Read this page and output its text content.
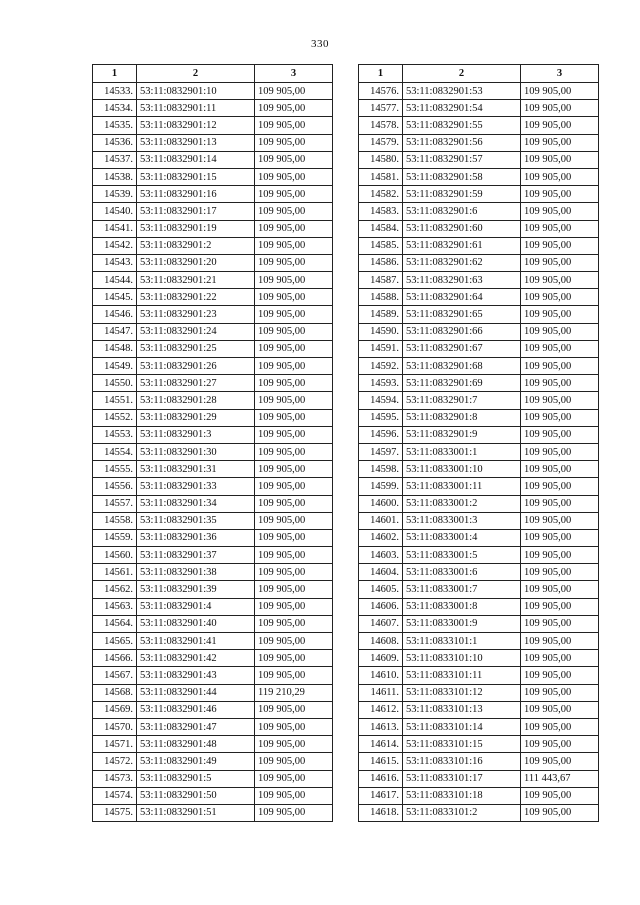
330
1	2	3
14533.	53:11:0832901:10	109 905,00
14534.	53:11:0832901:11	109 905,00
14535.	53:11:0832901:12	109 905,00
14536.	53:11:0832901:13	109 905,00
14537.	53:11:0832901:14	109 905,00
14538.	53:11:0832901:15	109 905,00
14539.	53:11:0832901:16	109 905,00
14540.	53:11:0832901:17	109 905,00
14541.	53:11:0832901:19	109 905,00
14542.	53:11:0832901:2	109 905,00
14543.	53:11:0832901:20	109 905,00
14544.	53:11:0832901:21	109 905,00
14545.	53:11:0832901:22	109 905,00
14546.	53:11:0832901:23	109 905,00
14547.	53:11:0832901:24	109 905,00
14548.	53:11:0832901:25	109 905,00
14549.	53:11:0832901:26	109 905,00
14550.	53:11:0832901:27	109 905,00
14551.	53:11:0832901:28	109 905,00
14552.	53:11:0832901:29	109 905,00
14553.	53:11:0832901:3	109 905,00
14554.	53:11:0832901:30	109 905,00
14555.	53:11:0832901:31	109 905,00
14556.	53:11:0832901:33	109 905,00
14557.	53:11:0832901:34	109 905,00
14558.	53:11:0832901:35	109 905,00
14559.	53:11:0832901:36	109 905,00
14560.	53:11:0832901:37	109 905,00
14561.	53:11:0832901:38	109 905,00
14562.	53:11:0832901:39	109 905,00
14563.	53:11:0832901:4	109 905,00
14564.	53:11:0832901:40	109 905,00
14565.	53:11:0832901:41	109 905,00
14566.	53:11:0832901:42	109 905,00
14567.	53:11:0832901:43	109 905,00
14568.	53:11:0832901:44	119 210,29
14569.	53:11:0832901:46	109 905,00
14570.	53:11:0832901:47	109 905,00
14571.	53:11:0832901:48	109 905,00
14572.	53:11:0832901:49	109 905,00
14573.	53:11:0832901:5	109 905,00
14574.	53:11:0832901:50	109 905,00
14575.	53:11:0832901:51	109 905,00
1	2	3
14576.	53:11:0832901:53	109 905,00
14577.	53:11:0832901:54	109 905,00
14578.	53:11:0832901:55	109 905,00
14579.	53:11:0832901:56	109 905,00
14580.	53:11:0832901:57	109 905,00
14581.	53:11:0832901:58	109 905,00
14582.	53:11:0832901:59	109 905,00
14583.	53:11:0832901:6	109 905,00
14584.	53:11:0832901:60	109 905,00
14585.	53:11:0832901:61	109 905,00
14586.	53:11:0832901:62	109 905,00
14587.	53:11:0832901:63	109 905,00
14588.	53:11:0832901:64	109 905,00
14589.	53:11:0832901:65	109 905,00
14590.	53:11:0832901:66	109 905,00
14591.	53:11:0832901:67	109 905,00
14592.	53:11:0832901:68	109 905,00
14593.	53:11:0832901:69	109 905,00
14594.	53:11:0832901:7	109 905,00
14595.	53:11:0832901:8	109 905,00
14596.	53:11:0832901:9	109 905,00
14597.	53:11:0833001:1	109 905,00
14598.	53:11:0833001:10	109 905,00
14599.	53:11:0833001:11	109 905,00
14600.	53:11:0833001:2	109 905,00
14601.	53:11:0833001:3	109 905,00
14602.	53:11:0833001:4	109 905,00
14603.	53:11:0833001:5	109 905,00
14604.	53:11:0833001:6	109 905,00
14605.	53:11:0833001:7	109 905,00
14606.	53:11:0833001:8	109 905,00
14607.	53:11:0833001:9	109 905,00
14608.	53:11:0833101:1	109 905,00
14609.	53:11:0833101:10	109 905,00
14610.	53:11:0833101:11	109 905,00
14611.	53:11:0833101:12	109 905,00
14612.	53:11:0833101:13	109 905,00
14613.	53:11:0833101:14	109 905,00
14614.	53:11:0833101:15	109 905,00
14615.	53:11:0833101:16	109 905,00
14616.	53:11:0833101:17	111 443,67
14617.	53:11:0833101:18	109 905,00
14618.	53:11:0833101:2	109 905,00
